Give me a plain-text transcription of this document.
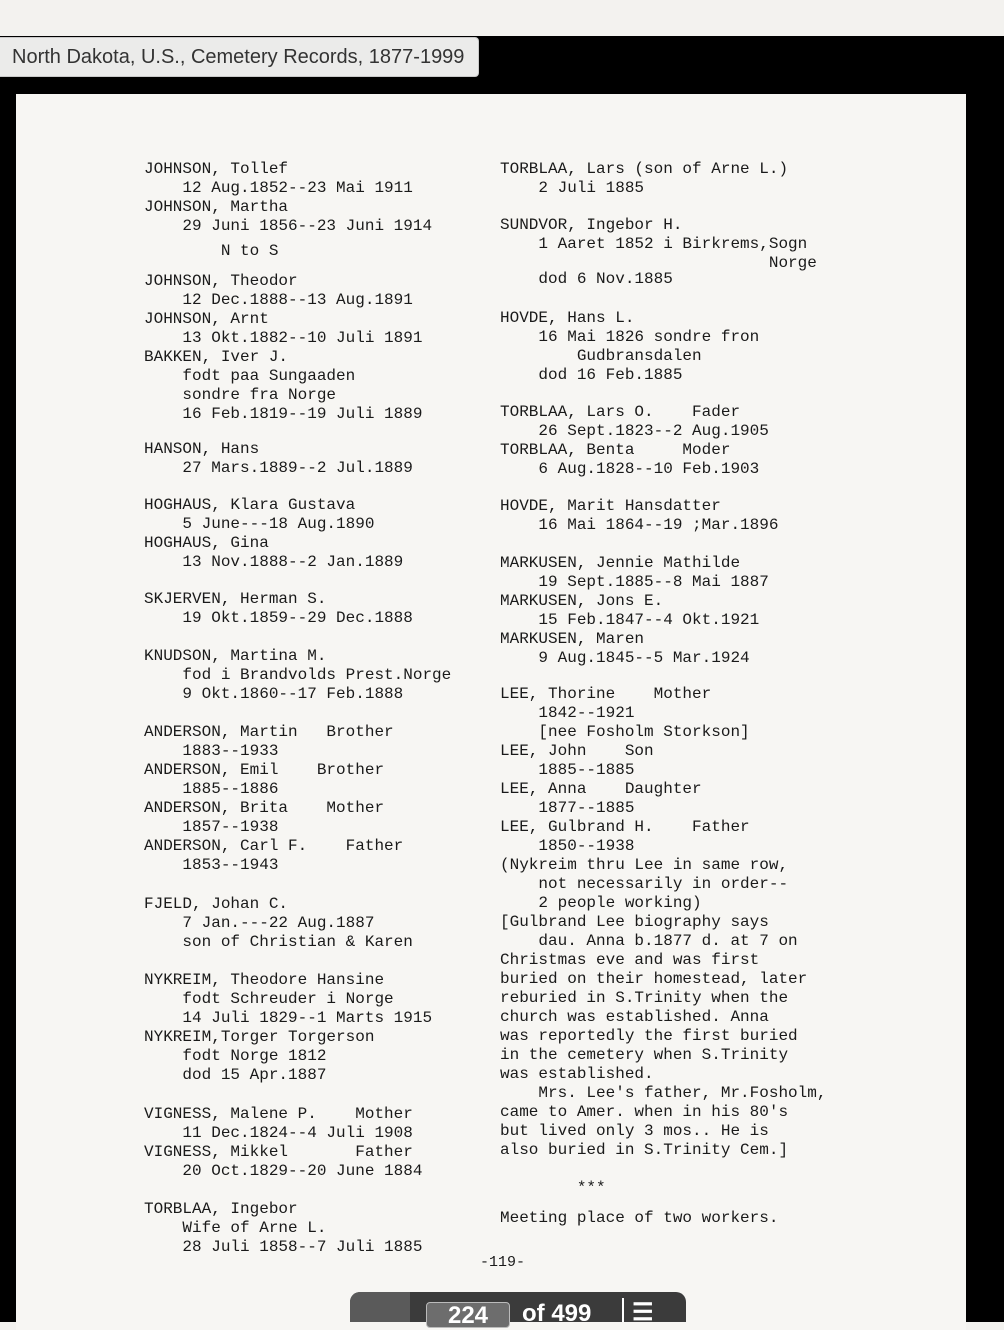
North Dakota, U.S., Cemetery Records, 1877-1999
JOHNSON, Tollef
12 Aug.1852--23 Mai 1911
JOHNSON, Martha
29 Juni 1856--23 Juni 1914
N to S
JOHNSON, Theodor
12 Dec.1888--13 Aug.1891
JOHNSON, Arnt
13 Okt.1882--10 Juli 1891
BAKKEN, Iver J.
fodt paa Sungaaden
sondre fra Norge
16 Feb.1819--19 Juli 1889
HANSON, Hans
27 Mars.1889--2 Jul.1889
HOGHAUS, Klara Gustava
5 June---18 Aug.1890
HOGHAUS, Gina
13 Nov.1888--2 Jan.1889
SKJERVEN, Herman S.
19 Okt.1859--29 Dec.1888
KNUDSON, Martina M.
fod i Brandvolds Prest.Norge
9 Okt.1860--17 Feb.1888
ANDERSON, Martin   Brother
1883--1933
ANDERSON, Emil    Brother
1885--1886
ANDERSON, Brita    Mother
1857--1938
ANDERSON, Carl F.    Father
1853--1943
FJELD, Johan C.
7 Jan.---22 Aug.1887
son of Christian & Karen
NYKREIM, Theodore Hansine
fodt Schreuder i Norge
14 Juli 1829--1 Marts 1915
NYKREIM,Torger Torgerson
fodt Norge 1812
dod 15 Apr.1887
VIGNESS, Malene P.    Mother
11 Dec.1824--4 Juli 1908
VIGNESS, Mikkel       Father
20 Oct.1829--20 June 1884
TORBLAA, Ingebor
Wife of Arne L.
28 Juli 1858--7 Juli 1885
TORBLAA, Lars (son of Arne L.)
2 Juli 1885
SUNDVOR, Ingebor H.
1 Aaret 1852 i Birkrems,Sogn
Norge
dod 6 Nov.1885
HOVDE, Hans L.
16 Mai 1826 sondre fron
Gudbransdalen
dod 16 Feb.1885
TORBLAA, Lars O.    Fader
26 Sept.1823--2 Aug.1905
TORBLAA, Benta     Moder
6 Aug.1828--10 Feb.1903
HOVDE, Marit Hansdatter
16 Mai 1864--19 ;Mar.1896
MARKUSEN, Jennie Mathilde
19 Sept.1885--8 Mai 1887
MARKUSEN, Jons E.
15 Feb.1847--4 Okt.1921
MARKUSEN, Maren
9 Aug.1845--5 Mar.1924
LEE, Thorine    Mother
1842--1921
[nee Fosholm Storkson]
LEE, John    Son
1885--1885
LEE, Anna    Daughter
1877--1885
LEE, Gulbrand H.    Father
1850--1938
(Nykreim thru Lee in same row,
not necessarily in order--
2 people working)
[Gulbrand Lee biography says
dau. Anna b.1877 d. at 7 on
Christmas eve and was first
buried on their homestead, later
reburied in S.Trinity when the
church was established. Anna
was reportedly the first buried
in the cemetery when S.Trinity
was established.
Mrs. Lee's father, Mr.Fosholm,
came to Amer. when in his 80's
but lived only 3 mos.. He is
also buried in S.Trinity Cem.]
***
Meeting place of two workers.
-119-
224	of 499 ☰
